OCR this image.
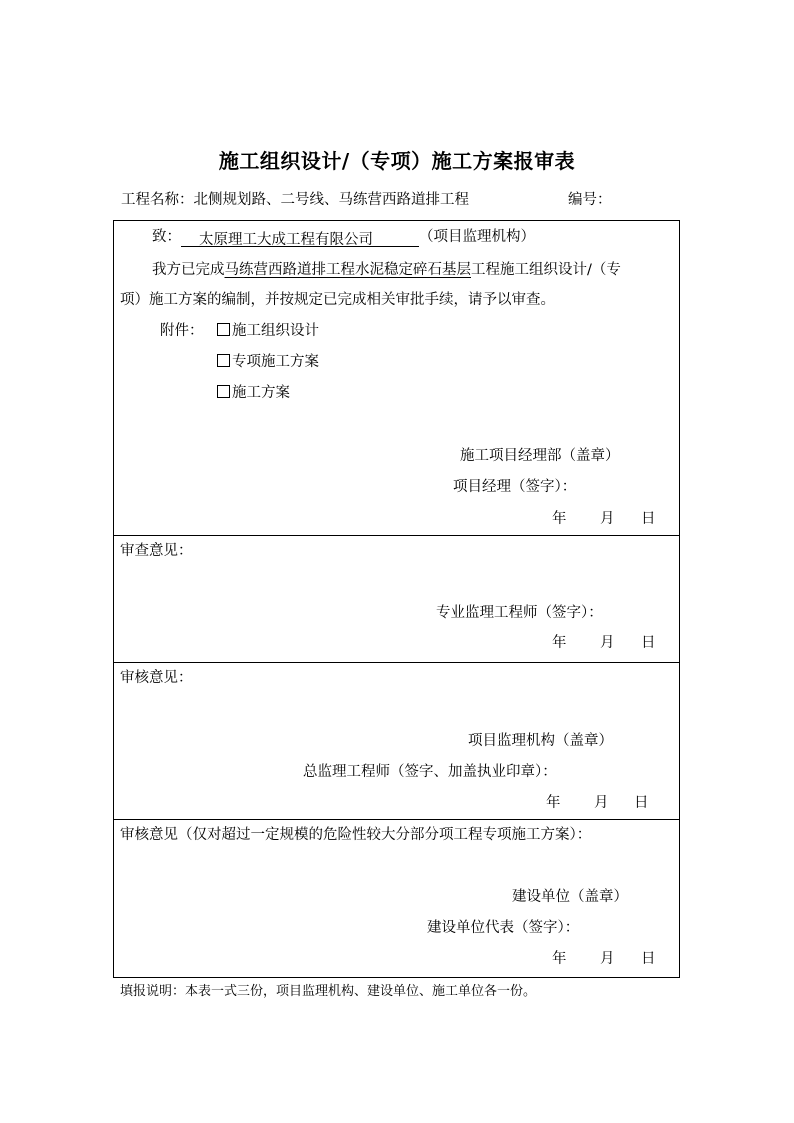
施工组织设计/（专项）施工方案报审表
工程名称：北侧规划路、二号线、马练营西路道排工程	编号：
致： 太原理工大成工程有限公司	（项目监理机构）
我方已完成马练营西路道排工程水泥稳定碎石基层工程施工组织设计/（专
项）施工方案的编制，并按规定已完成相关审批手续，请予以审查。
附件：	施工组织设计
专项施工方案
施工方案
施工项目经理部（盖章）
项目经理（签字）：
年 月 日
审查意见：
专业监理工程师（签字）：
年 月 日
审核意见：
项目监理机构（盖章）
总监理工程师（签字、加盖执业印章）：
年 月 日
审核意见（仅对超过一定规模的危险性较大分部分项工程专项施工方案）：
建设单位（盖章）
建设单位代表（签字）：
年 月 日
填报说明：本表一式三份，项目监理机构、建设单位、施工单位各一份。
